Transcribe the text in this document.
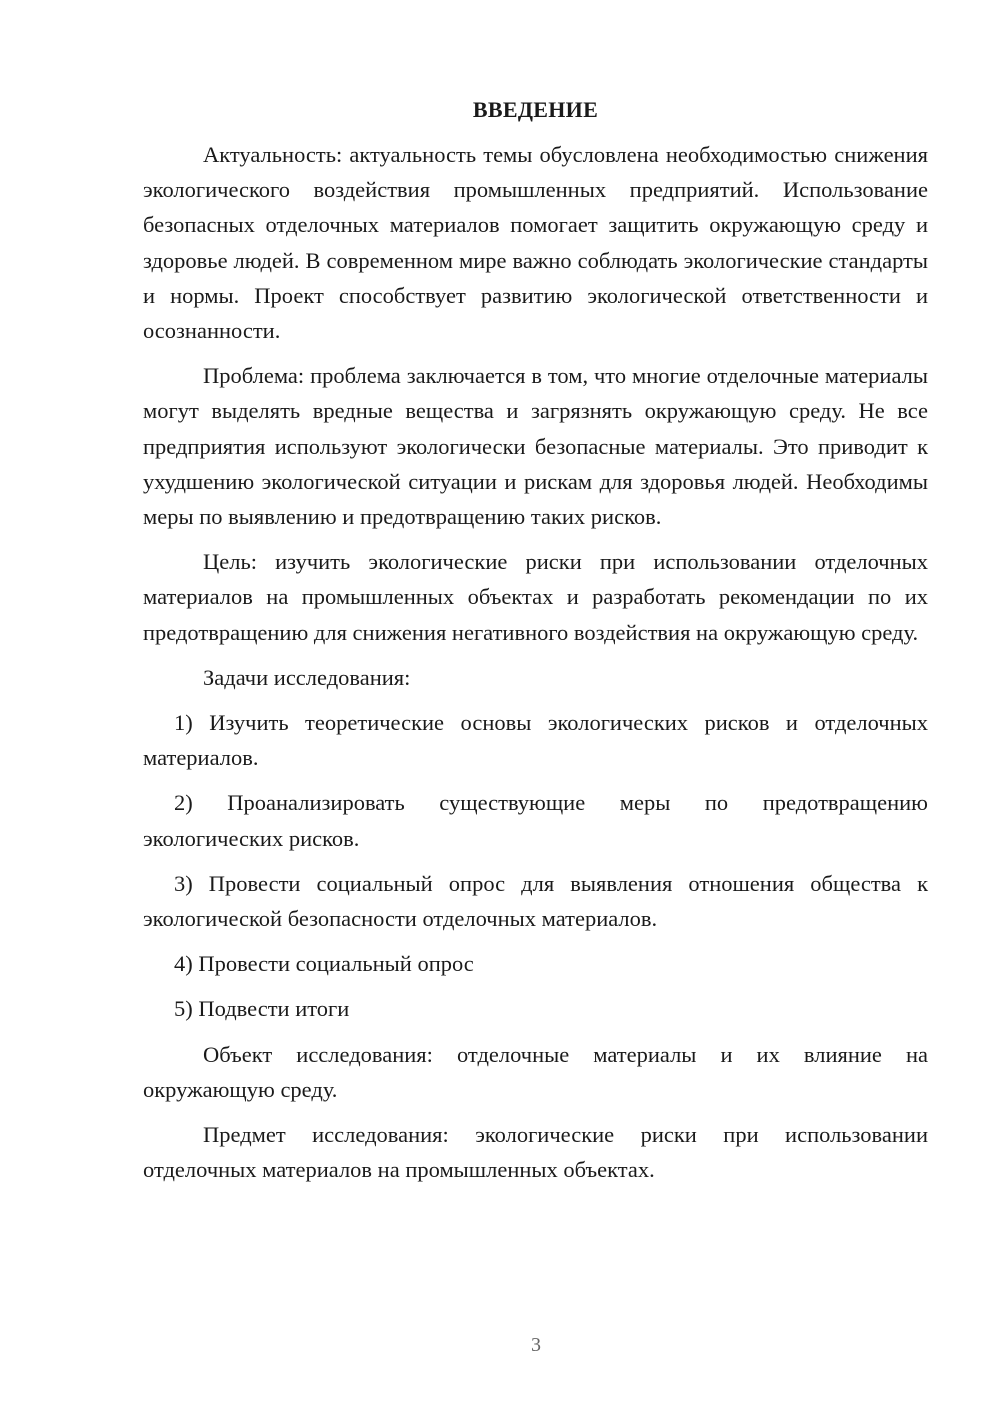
ВВЕДЕНИЕ

Актуальность: актуальность темы обусловлена необходимостью снижения экологического воздействия промышленных предприятий. Использование безопасных отделочных материалов помогает защитить окружающую среду и здоровье людей. В современном мире важно соблюдать экологические стандарты и нормы. Проект способствует развитию экологической ответственности и осознанности.

Проблема: проблема заключается в том, что многие отделочные материалы могут выделять вредные вещества и загрязнять окружающую среду. Не все предприятия используют экологически безопасные материалы. Это приводит к ухудшению экологической ситуации и рискам для здоровья людей. Необходимы меры по выявлению и предотвращению таких рисков.

Цель: изучить экологические риски при использовании отделочных материалов на промышленных объектах и разработать рекомендации по их предотвращению для снижения негативного воздействия на окружающую среду.

Задачи исследования:

1) Изучить теоретические основы экологических рисков и отделочных материалов.

2) Проанализировать существующие меры по предотвращению экологических рисков.

3) Провести социальный опрос для выявления отношения общества к экологической безопасности отделочных материалов.

4) Провести социальный опрос

5) Подвести итоги

Объект исследования: отделочные материалы и их влияние на окружающую среду.

Предмет исследования: экологические риски при использовании отделочных материалов на промышленных объектах.

3
